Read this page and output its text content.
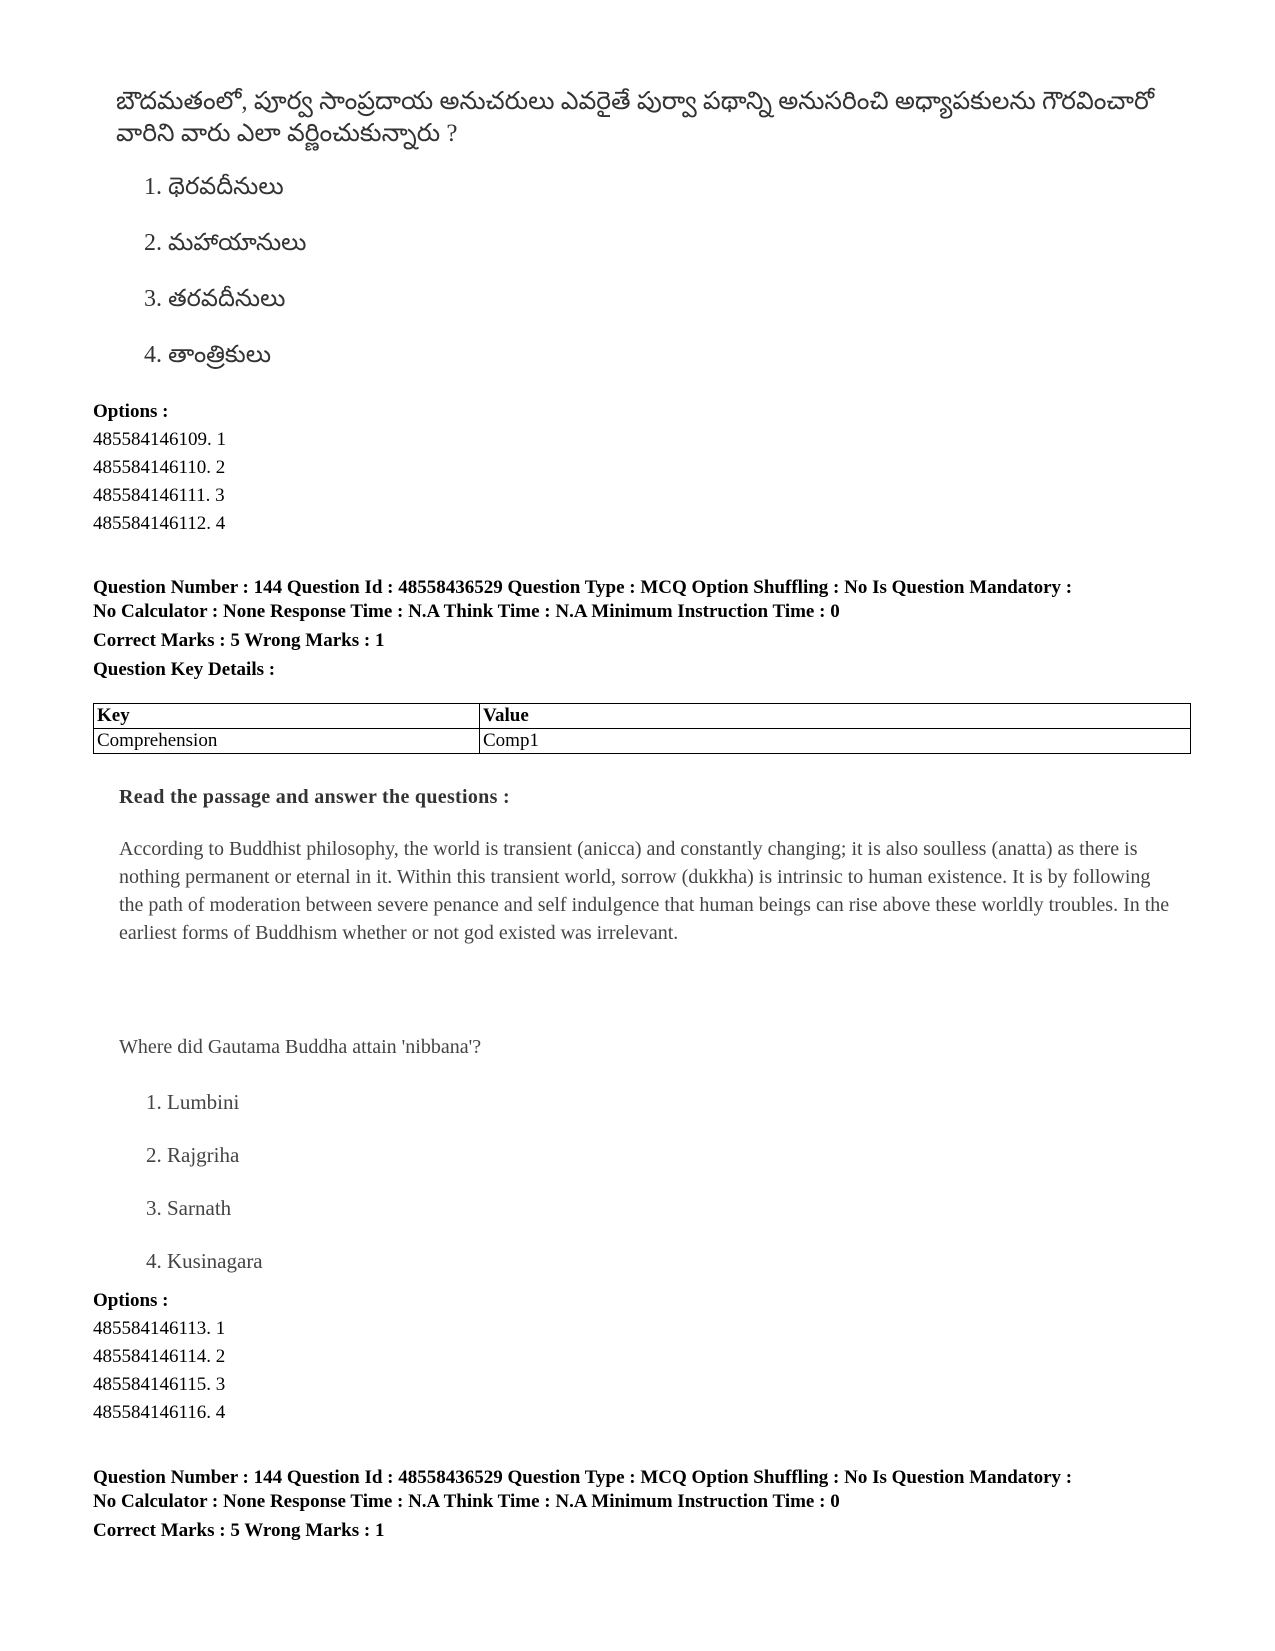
బౌదమతంలో, పూర్వ సాంప్రదాయ అనుచరులు ఎవరైతే పుర్వా పథాన్ని అనుసరించి అధ్యాపకులను గౌరవించారో వారిని వారు ఎలా వర్ణించుకున్నారు ?
1. థెరవదీనులు
2. మహాయానులు
3. తరవదీనులు
4. తాంత్రికులు
Options :
485584146109. 1
485584146110. 2
485584146111. 3
485584146112. 4

Question Number : 144 Question Id : 48558436529 Question Type : MCQ Option Shuffling : No Is Question Mandatory :

No Calculator : None Response Time : N.A Think Time : N.A Minimum Instruction Time : 0

Correct Marks : 5 Wrong Marks : 1

Question Key Details :

Key	Value
Comprehension	Comp1
Read the passage and answer the questions :
According to Buddhist philosophy, the world is transient (anicca) and constantly changing; it is also soulless (anatta) as there is nothing permanent or eternal in it. Within this transient world, sorrow (dukkha) is intrinsic to human existence. It is by following the path of moderation between severe penance and self indulgence that human beings can rise above these worldly troubles. In the earliest forms of Buddhism whether or not god existed was irrelevant.
Where did Gautama Buddha attain 'nibbana'?
1. Lumbini
2. Rajgriha
3. Sarnath
4. Kusinagara
Options :
485584146113. 1
485584146114. 2
485584146115. 3
485584146116. 4

Question Number : 144 Question Id : 48558436529 Question Type : MCQ Option Shuffling : No Is Question Mandatory :

No Calculator : None Response Time : N.A Think Time : N.A Minimum Instruction Time : 0

Correct Marks : 5 Wrong Marks : 1
